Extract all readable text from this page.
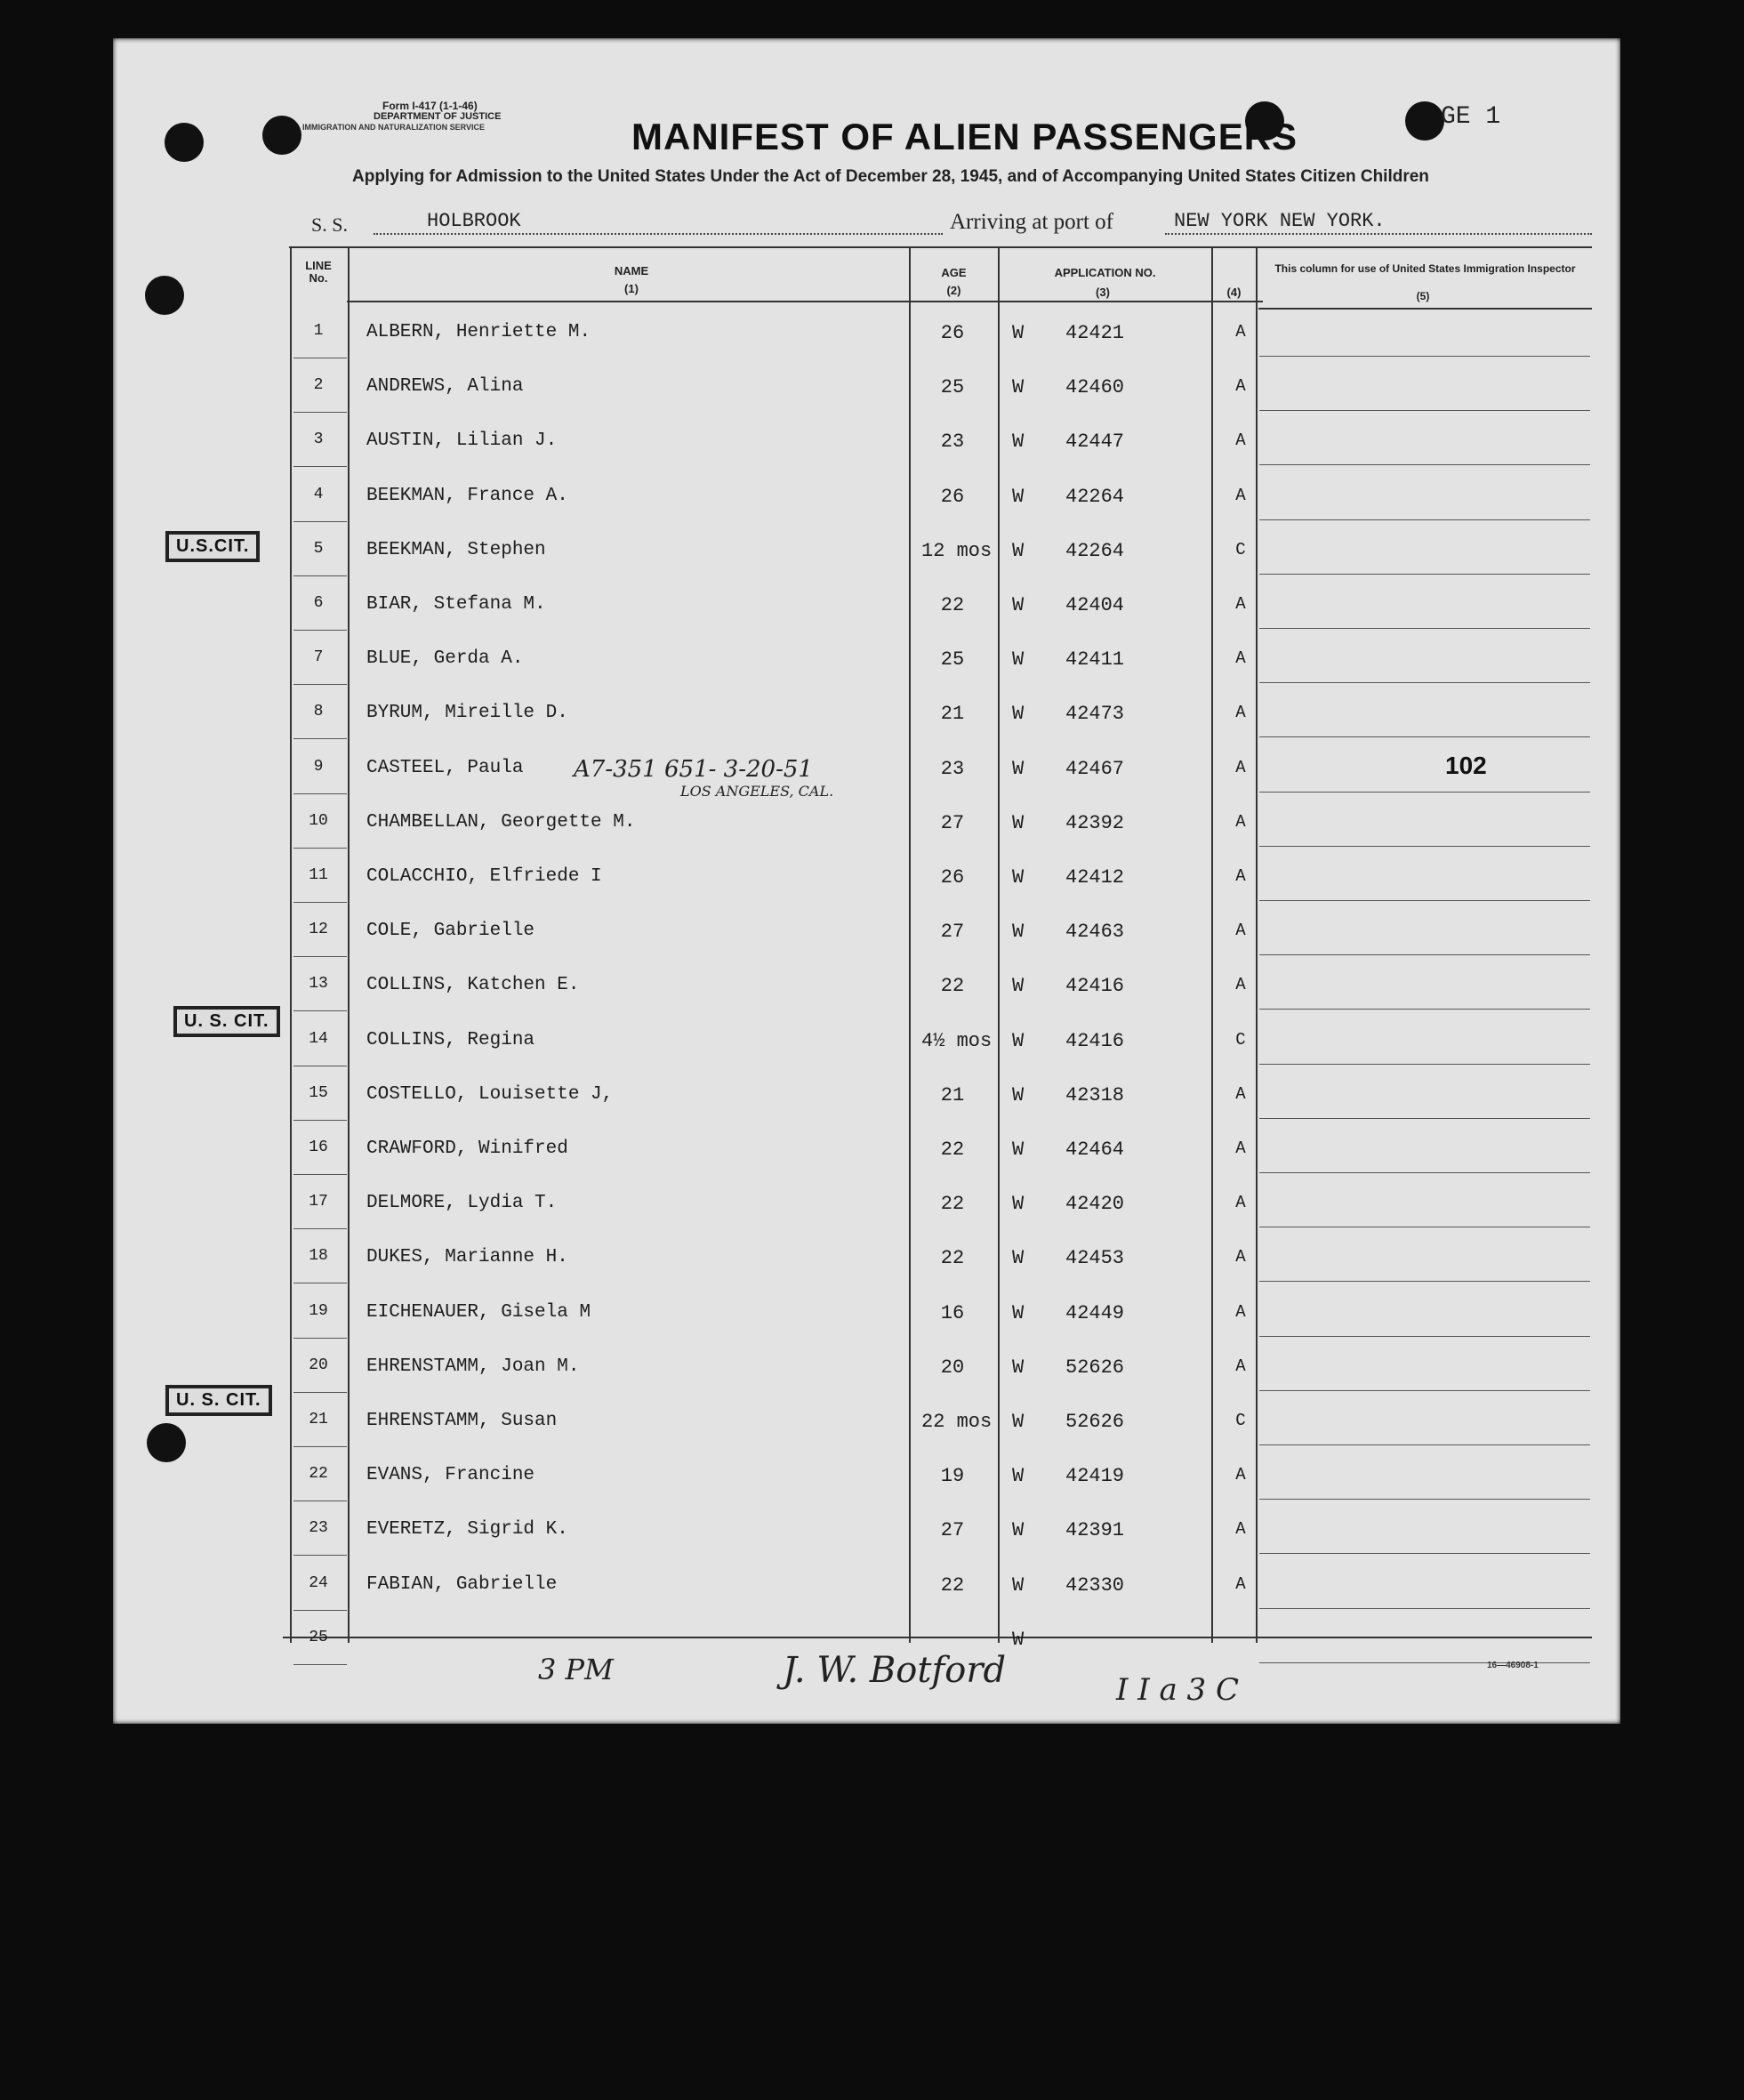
Form I-417 (1-1-46)
DEPARTMENT OF JUSTICE
IMMIGRATION AND NATURALIZATION SERVICE	MANIFEST OF ALIEN PASSENGERS	GE 1
Applying for Admission to the United States Under the Act of December 28, 1945, and of Accompanying United States Citizen Children
S. S.	HOLBROOK	Arriving at port of	NEW YORK NEW YORK.
LINE No.
NAME
(1)
AGE
(2)
APPLICATION NO.
(3)	(4)
This column for use of United States Immigration Inspector
(5)
1	ALBERN, Henriette M.	26	W 42421	A
2	ANDREWS, Alina	25	W 42460	A
3	AUSTIN, Lilian J.	23	W 42447	A
4	BEEKMAN, France A.	26	W 42264	A
5	BEEKMAN, Stephen	12 mos W 42264	C
6	BIAR, Stefana M.	22	W 42404	A
7	BLUE, Gerda A.	25	W 42411	A
8	BYRUM, Mireille D.	21	W 42473	A
9	CASTEEL, Paula	23	W 42467	A
10	CHAMBELLAN, Georgette M.	27	W 42392	A
11	COLACCHIO, Elfriede I	26	W 42412	A
12	COLE, Gabrielle	27	W 42463	A
13	COLLINS, Katchen E.	22	W 42416	A
14	COLLINS, Regina	4½ mos W 42416	C
15	COSTELLO, Louisette J,	21	W 42318	A
16	CRAWFORD, Winifred	22	W 42464	A
17	DELMORE, Lydia T.	22	W 42420	A
18	DUKES, Marianne H.	22	W 42453	A
19	EICHENAUER, Gisela M	16	W 42449	A
20	EHRENSTAMM, Joan M.	20	W 52626	A
21	EHRENSTAMM, Susan	22 mos W 52626	C
22	EVANS, Francine	19	W 42419	A
23	EVERETZ, Sigrid K.	27	W 42391	A
24	FABIAN, Gabrielle	22	W 42330	A
25	W
A7-351 651- 3-20-51
LOS ANGELES, CAL.
102
U.S.CIT.
U. S. CIT.
U. S. CIT.
3 PM	J. W. Botford	I I a 3 C
16—46908-1
